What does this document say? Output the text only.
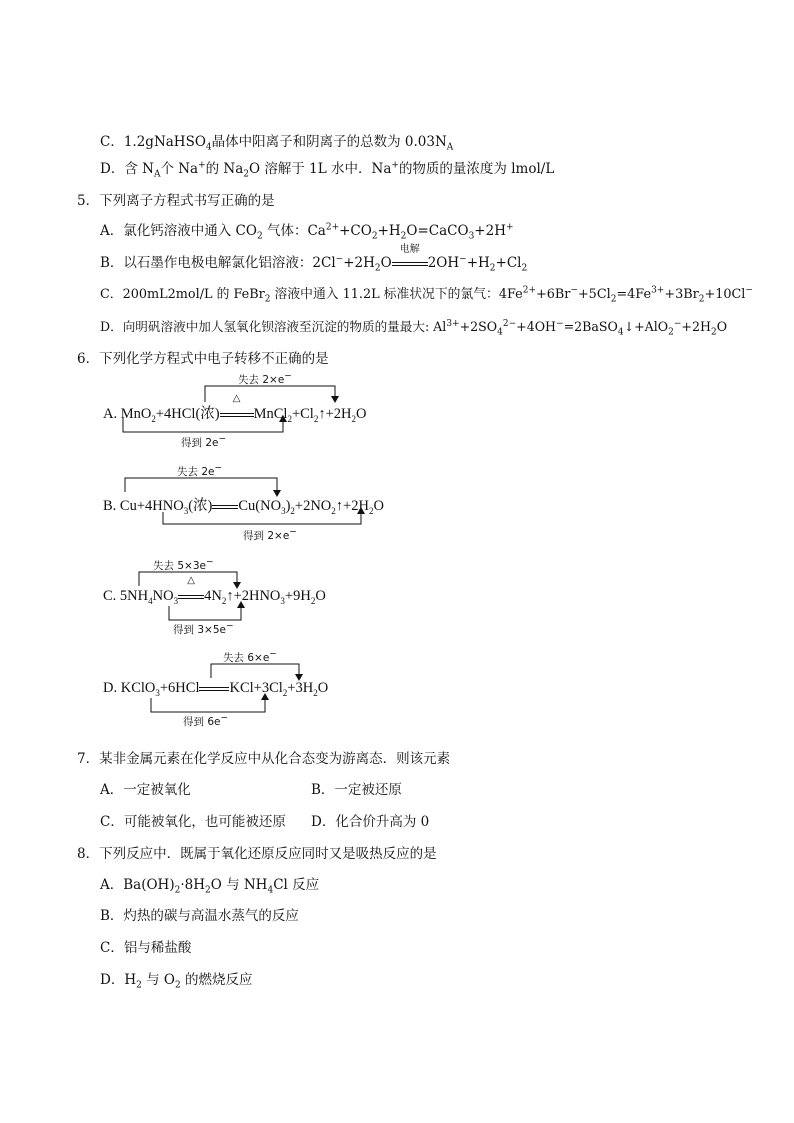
C．1.2gNaHSO$_4$晶体中阳离子和阴离子的总数为 $0.03N_A$
D．含 $N_A$个 Na+的 $Na_2O$ 溶解于 1L 水中．Na+的物质的量浓度为 lmol/L
5．下列离子方程式书写正确的是
A．氯化钙溶液中通入 $CO_2$ 气体：$Ca^{2+}+CO_2+H_2O=CaCO_3+2H^+$
B．以石墨作电极电解氯化铝溶液：$2Cl^-+2H_2O$
电解
$2OH^-+H_2+Cl_2$
C．200mL2mol/L 的 FeBr$_2$ 溶液中通入 11.2L 标准状况下的氯气：$4Fe^{2+}+6Br^-+5Cl_2=4Fe^{3+}+3Br_2+10Cl^-$
D．向明矾溶液中加人氢氧化钡溶液至沉淀的物质的量最大: $Al^{3+}+2SO_4^{2-}+4OH^-=2BaSO_4↓+AlO_2^-+2H_2O$
6．下列化学方程式中电子转移不正确的是
失去 2×e−
得到 2e−
A. MnO$_2$+4HCl(浓)
△
$MnCl_2+Cl_2↑+2H_2O$
失去 2e−
得到 2×e−
B. $Cu+4HNO_3$(浓) $Cu(NO_3)_2+2NO_2↑+2H_2O$
失去 5×3e−
得到 3×5e−
C. $5NH_4NO_3$
△
$4N_2↑+2HNO_3+9H_2O$
失去 6×e−
得到 6e−
D. KClO$_3$+6HCl $KCl+3Cl_2+3H_2O$
7．某非金属元素在化学反应中从化合态变为游离态．则该元素
A．一定被氧化	B．一定被还原
C．可能被氧化，也可能被还原 D．化合价升高为 0
8．下列反应中．既属于氧化还原反应同时又是吸热反应的是
A．$Ba(OH)_2\cdot 8H_2O$ 与 $NH_4Cl$ 反应
B．灼热的碳与高温水蒸气的反应
C．铝与稀盐酸
D．$H_2$ 与 $O_2$ 的燃烧反应
